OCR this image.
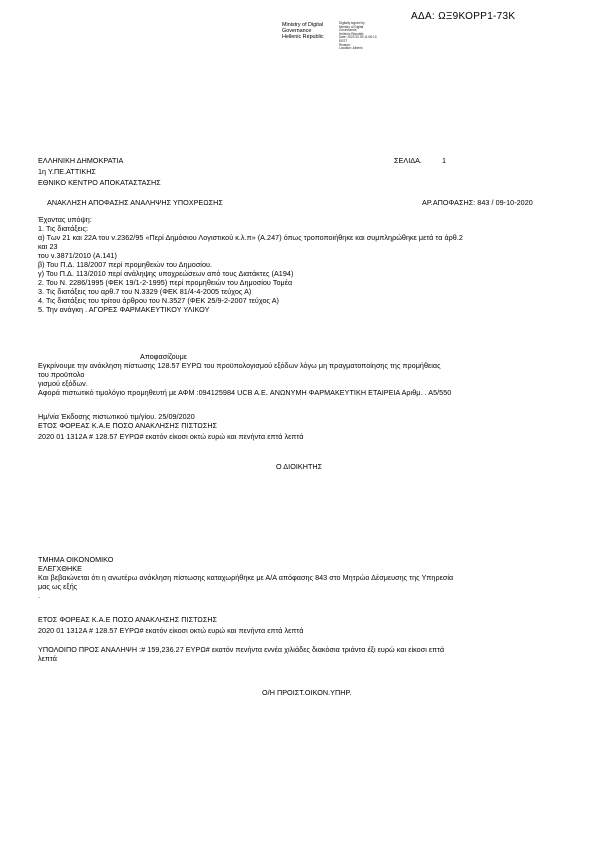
ΑΔΑ: ΩΞ9ΚΟΡΡ1-73Κ
Ministry of Digital
Governance
Hellenic Republic
Digitally signed by
Ministry of Digital
Governance,
Hellenic Republic
Date: 2020.10.09 11:06:13
EEST
Reason:
Location: Athens
ΕΛΛΗΝΙΚΗ ΔΗΜΟΚΡΑΤΙΑ	ΣΕΛΙΔΑ.	1
1η Υ.ΠΕ.ΑΤΤΙΚΗΣ
ΕΘΝΙΚΟ ΚΕΝΤΡΟ ΑΠΟΚΑΤΑΣΤΑΣΗΣ
ΑΝΑΚΛΗΣΗ ΑΠΟΦΑΣΗΣ ΑΝΑΛΗΨΗΣ ΥΠΟΧΡΕΩΣΗΣ	ΑΡ.ΑΠΟΦΑΣΗΣ: 843 / 09-10-2020
Έχοντας υπόψη:
1. Τις διατάξεις:
α) Των 21 και 22Α του ν.2362/95 «Περί Δημόσιου Λογιστικού κ.λ.π» (Α.247) όπως τροποποιήθηκε και συμπληρώθηκε μετά τα άρθ.2
και 23
του ν.3871/2010 (Α.141)
β) Του Π.Δ. 118/2007 περί προμηθειών του Δημοσίου.
γ) Του Π.Δ. 113/2010 περί ανάληψης υποχρεώσεων από τους Διατάκτες (Α194)
2. Του Ν. 2286/1995 (ΦΕΚ 19/1-2-1995) περί προμηθειών του Δημοσίου Τομέα
3. Τις διατάξεις του αρθ.7 του Ν.3329 (ΦΕΚ 81/4-4-2005 τεύχος Α)
4. Τις διατάξεις του τρίτου άρθρου του Ν.3527 (ΦΕΚ 25/9-2-2007 τεύχος Α)
5. Την ανάγκη . ΑΓΟΡΕΣ ΦΑΡΜΑΚΕΥΤΙΚΟΥ ΥΛΙΚΟΥ
Αποφασίζουμε
Εγκρίνουμε την ανάκληση πίστωσης 128.57 ΕΥΡΩ του προϋπολογισμού εξόδων λόγω μη πραγματοποίησης της προμήθειας
του προϋπολο
γισμού εξόδων.
Αφορά πιστωτικό τιμολόγιο προμηθευτή με ΑΦΜ :094125984 UCB A.E. ΑΝΩΝΥΜΗ ΦΑΡΜΑΚΕΥΤΙΚΗ ΕΤΑΙΡΕΙΑ Αριθμ. . Α5/550
Ημ/νία Έκδοσης πιστωτικού τιμ/γίου. 25/09/2020
ΕΤΟΣ ΦΟΡΕΑΣ Κ.Α.Ε ΠΟΣΟ ΑΝΑΚΛΗΣΗΣ ΠΙΣΤΩΣΗΣ
2020 01 1312Α # 128.57 ΕΥΡΩ# εκατόν είκοσι οκτώ ευρώ και πενήντα επτά λεπτά
Ο ΔΙΟΙΚΗΤΗΣ
ΤΜΗΜΑ ΟΙΚΟΝΟΜΙΚΟ
ΕΛΕΓΧΘΗΚΕ
Και βεβαιώνεται ότι η ανωτέρω ανάκληση πίστωσης καταχωρήθηκε με Α/Α απόφασης 843 στο Μητρώο Δέσμευσης της Υπηρεσία
μας ως εξής
.
ΕΤΟΣ ΦΟΡΕΑΣ Κ.Α.Ε ΠΟΣΟ ΑΝΑΚΛΗΣΗΣ ΠΙΣΤΩΣΗΣ
2020 01 1312Α # 128.57 ΕΥΡΩ# εκατόν είκοσι οκτώ ευρώ και πενήντα επτά λεπτά
ΥΠΟΛΟΙΠΟ ΠΡΟΣ ΑΝΑΛΗΨΗ :# 159,236.27 ΕΥΡΩ# εκατόν πενήντα εννέα χιλιάδες διακόσια τριάντα έξι ευρώ και είκοσι επτά
λεπτά
Ο/Η ΠΡΟΙΣΤ.ΟΙΚΟΝ.ΥΠΗΡ.
